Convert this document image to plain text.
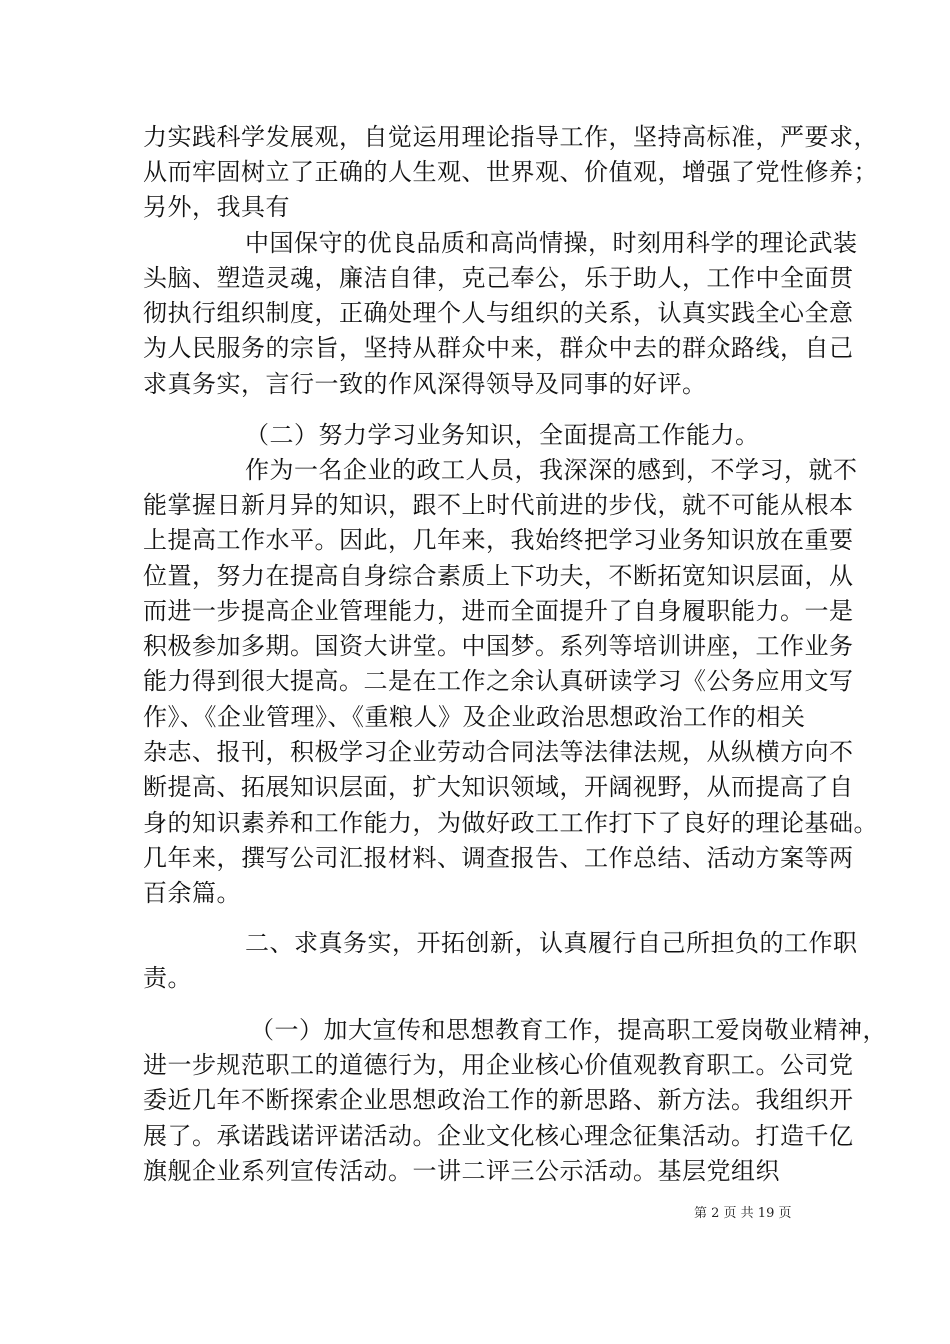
力实践科学发展观，自觉运用理论指导工作，坚持高标准，严要求，
从而牢固树立了正确的人生观、世界观、价值观，增强了党性修养；
另外，我具有
中国保守的优良品质和高尚情操，时刻用科学的理论武装
头脑、塑造灵魂，廉洁自律，克己奉公，乐于助人，工作中全面贯
彻执行组织制度，正确处理个人与组织的关系，认真实践全心全意
为人民服务的宗旨，坚持从群众中来，群众中去的群众路线，自己
求真务实，言行一致的作风深得领导及同事的好评。
（二）努力学习业务知识，全面提高工作能力。
作为一名企业的政工人员，我深深的感到，不学习，就不
能掌握日新月异的知识，跟不上时代前进的步伐，就不可能从根本
上提高工作水平。因此，几年来，我始终把学习业务知识放在重要
位置，努力在提高自身综合素质上下功夫，不断拓宽知识层面，从
而进一步提高企业管理能力，进而全面提升了自身履职能力。一是
积极参加多期。国资大讲堂。中国梦。系列等培训讲座，工作业务
能力得到很大提高。二是在工作之余认真研读学习《公务应用文写
作》、《企业管理》、《重粮人》及企业政治思想政治工作的相关
杂志、报刊，积极学习企业劳动合同法等法律法规，从纵横方向不
断提高、拓展知识层面，扩大知识领域，开阔视野，从而提高了自
身的知识素养和工作能力，为做好政工工作打下了良好的理论基础。
几年来，撰写公司汇报材料、调查报告、工作总结、活动方案等两
百余篇。
二、求真务实，开拓创新，认真履行自己所担负的工作职
责。
（一）加大宣传和思想教育工作，提高职工爱岗敬业精神，
进一步规范职工的道德行为，用企业核心价值观教育职工。公司党
委近几年不断探索企业思想政治工作的新思路、新方法。我组织开
展了。承诺践诺评诺活动。企业文化核心理念征集活动。打造千亿
旗舰企业系列宣传活动。一讲二评三公示活动。基层党组织
第 2 页 共 19 页
